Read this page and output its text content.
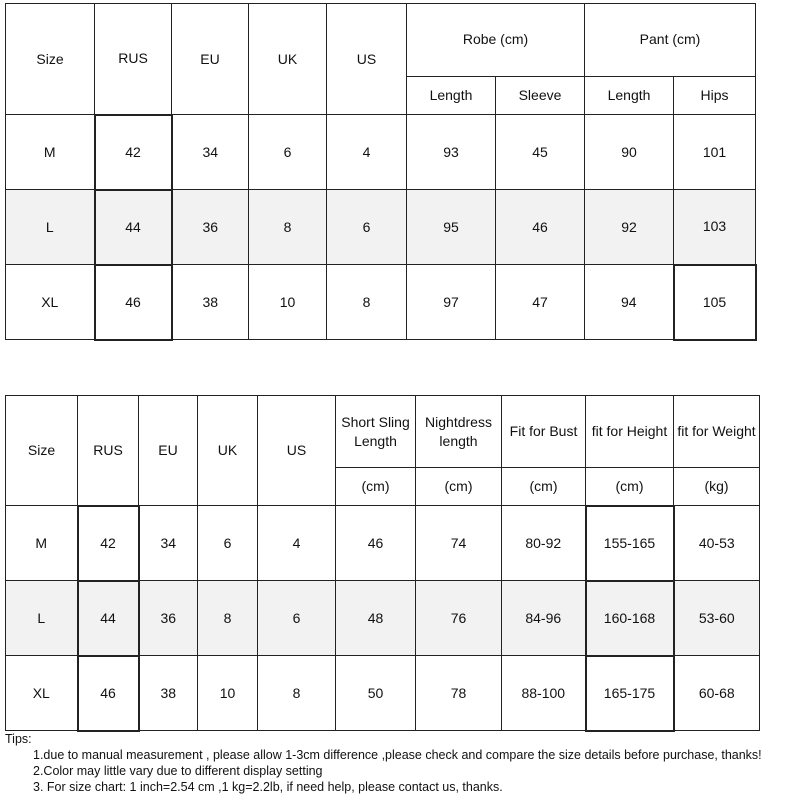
Size	RUS	EU	UK	US	Robe (cm)		Pant (cm)	
					Length	Sleeve	Length	Hips
M	42	34	6	4	93	45	90	101
L	44	36	8	6	95	46	92	103
XL	46	38	10	8	97	47	94	105
Size	RUS	EU	UK	US	Short Sling Length	Nightdress length	Fit for Bust	fit for Height	fit for Weight
					(cm)	(cm)	(cm)	(cm)	(kg)
M	42	34	6	4	46	74	80-92	155-165	40-53
L	44	36	8	6	48	76	84-96	160-168	53-60
XL	46	38	10	8	50	78	88-100	165-175	60-68
Tips:
1.due to manual measurement , please allow 1-3cm difference ,please check and compare the size details before purchase, thanks!
2.Color may little vary due to different display setting
3. For size chart: 1 inch=2.54 cm ,1 kg=2.2lb, if need help, please contact us, thanks.
